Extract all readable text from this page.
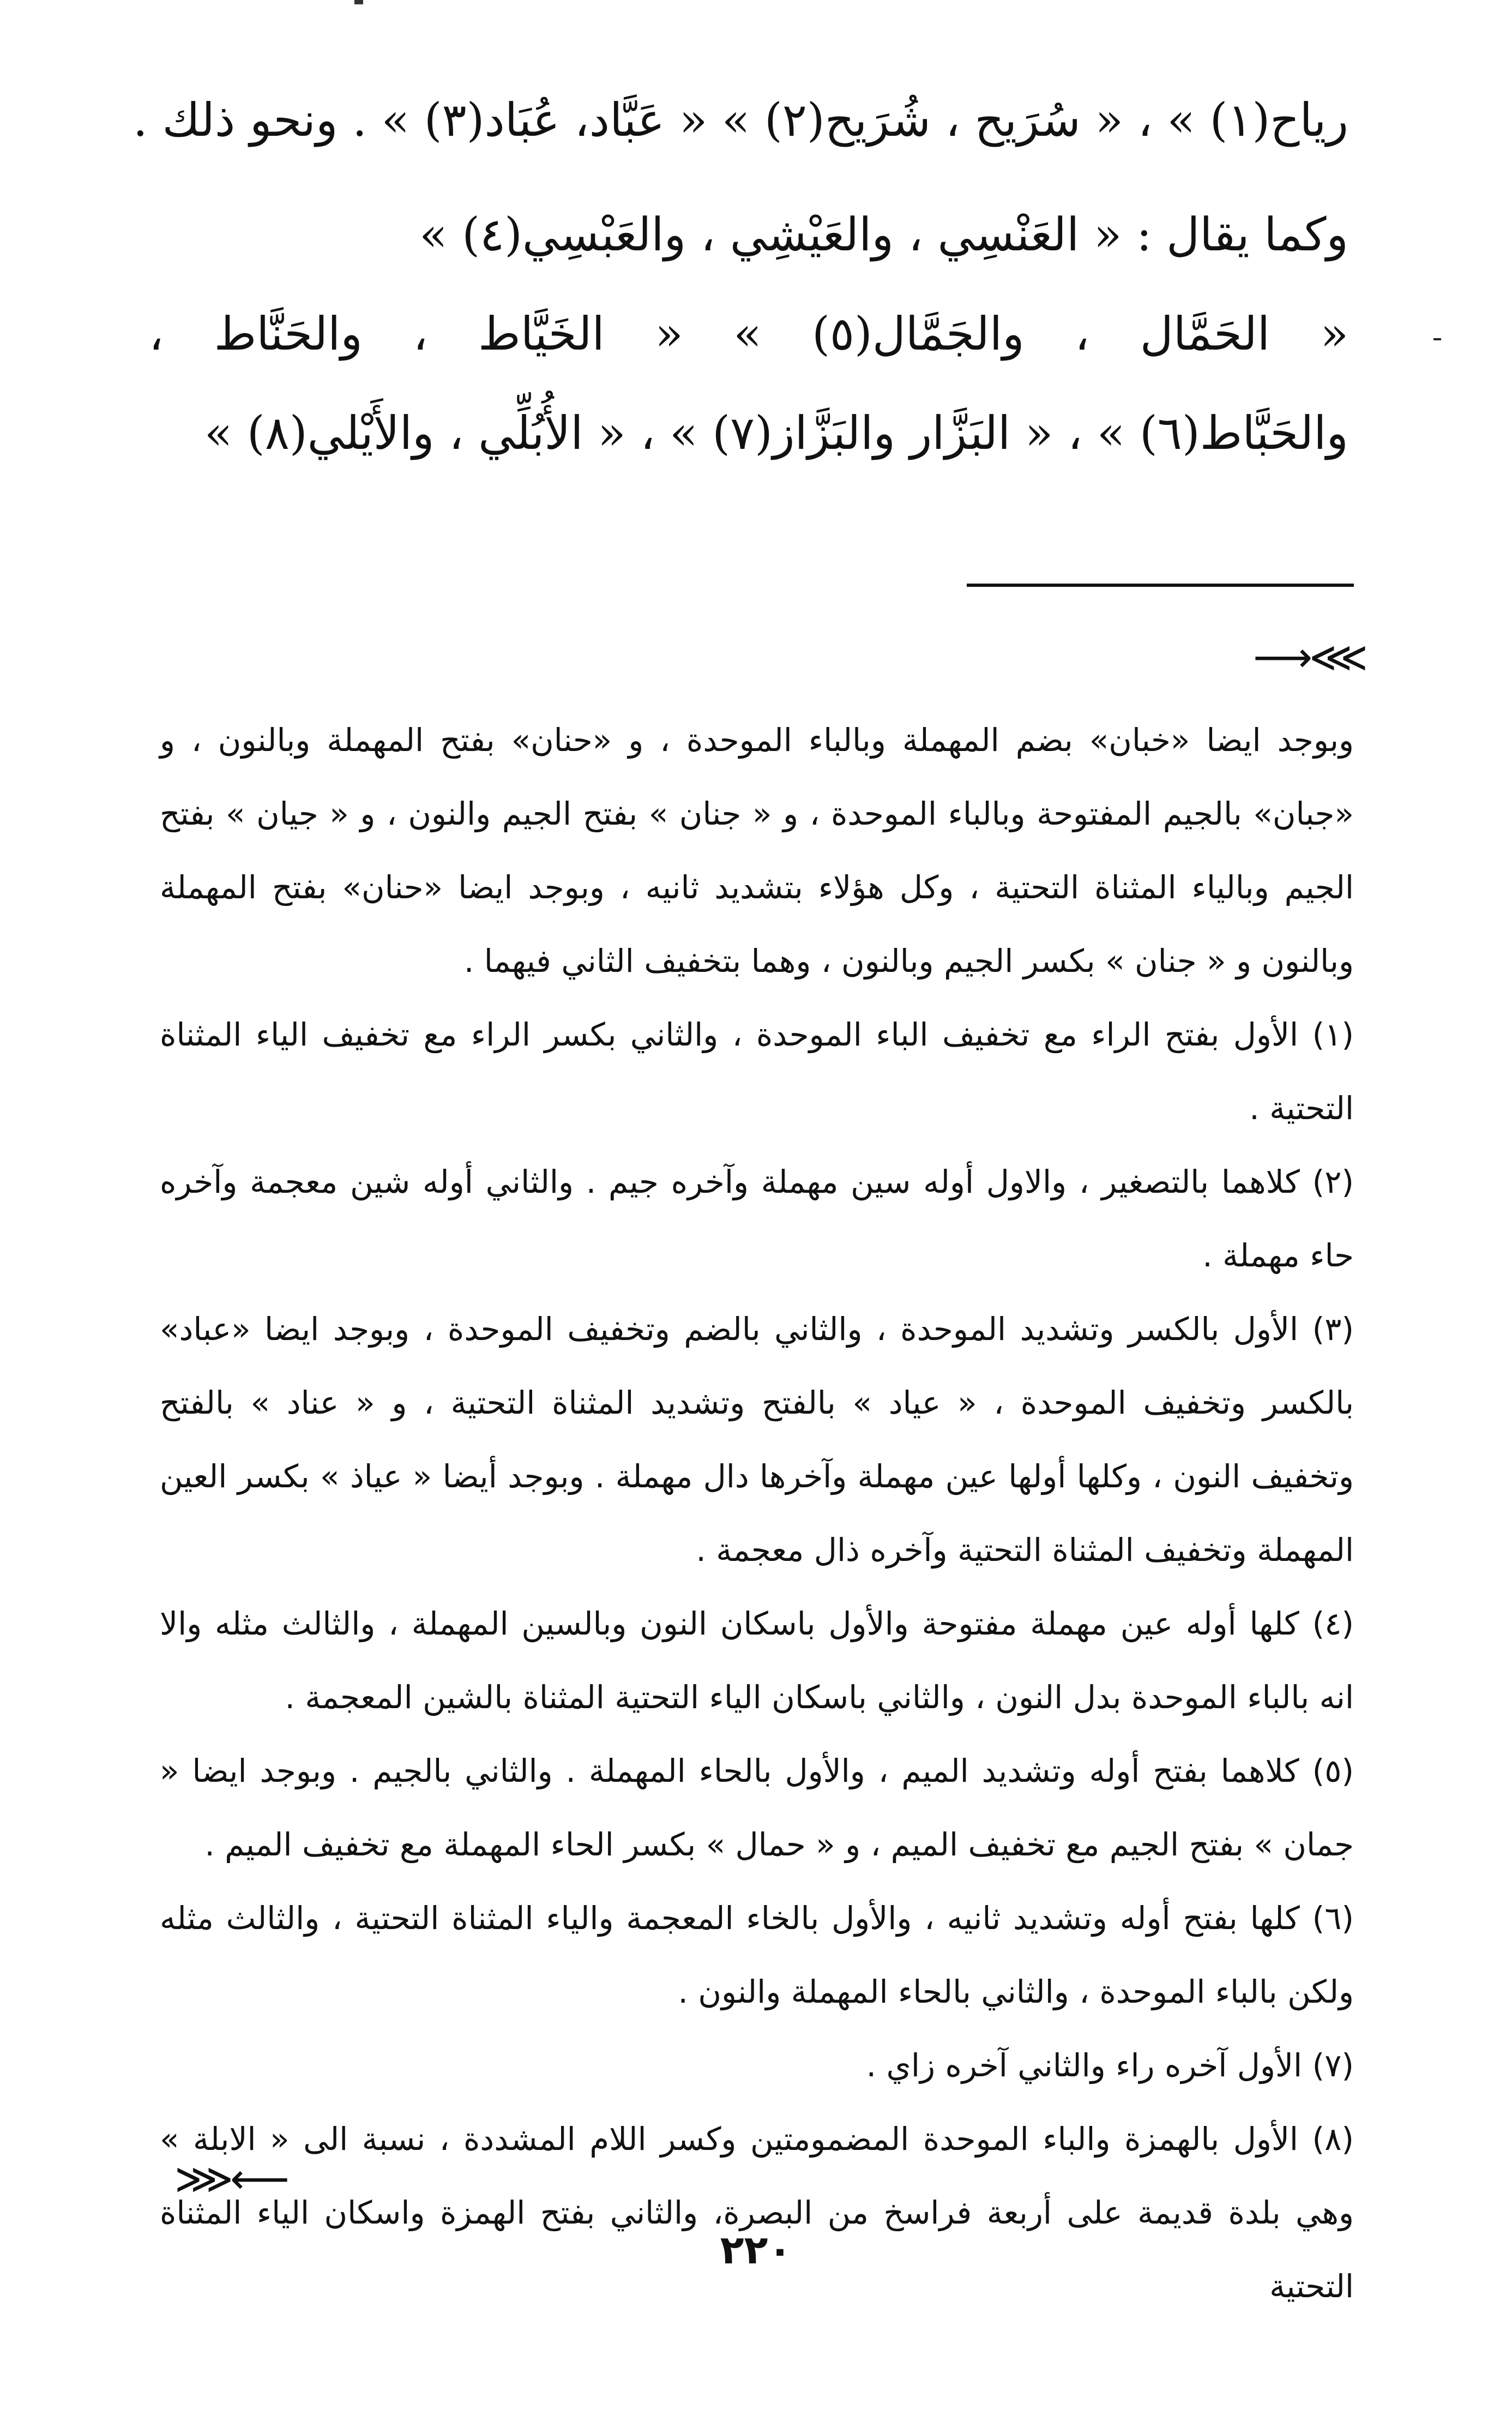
رياح(١) » ، « سُرَيح ، شُرَيح(٢) » « عَبَّاد، عُبَاد(٣) » . ونحو ذلك .
وكما يقال : « العَنْسِي ، والعَيْشِي ، والعَبْسِي(٤) »
« الحَمَّال ، والجَمَّال(٥) » « الخَيَّاط ، والحَنَّاط ،
والحَبَّاط(٦) » ، « البَزَّار والبَزَّاز(٧) » ، « الأُبُلِّي ، والأَيْلي(٨) »
⋙⟶

وبوجد ايضا «خبان» بضم المهملة وبالباء الموحدة ، و «حنان» بفتح المهملة وبالنون ، و «جبان» بالجيم المفتوحة وبالباء الموحدة ، و « جنان » بفتح الجيم والنون ، و « جيان » بفتح الجيم وبالياء المثناة التحتية ، وكل هؤلاء بتشديد ثانيه ، وبوجد ايضا «حنان» بفتح المهملة وبالنون و « جنان » بكسر الجيم وبالنون ، وهما بتخفيف الثاني فيهما .

(١) الأول بفتح الراء مع تخفيف الباء الموحدة ، والثاني بكسر الراء مع تخفيف الياء المثناة التحتية .

(٢) كلاهما بالتصغير ، والاول أوله سين مهملة وآخره جيم . والثاني أوله شين معجمة وآخره حاء مهملة .

(٣) الأول بالكسر وتشديد الموحدة ، والثاني بالضم وتخفيف الموحدة ، وبوجد ايضا «عباد» بالكسر وتخفيف الموحدة ، « عياد » بالفتح وتشديد المثناة التحتية ، و « عناد » بالفتح وتخفيف النون ، وكلها أولها عين مهملة وآخرها دال مهملة . وبوجد أيضا « عياذ » بكسر العين المهملة وتخفيف المثناة التحتية وآخره ذال معجمة .

(٤) كلها أوله عين مهملة مفتوحة والأول باسكان النون وبالسين المهملة ، والثالث مثله والا انه بالباء الموحدة بدل النون ، والثاني باسكان الياء التحتية المثناة بالشين المعجمة .

(٥) كلاهما بفتح أوله وتشديد الميم ، والأول بالحاء المهملة . والثاني بالجيم . وبوجد ايضا « جمان » بفتح الجيم مع تخفيف الميم ، و « حمال » بكسر الحاء المهملة مع تخفيف الميم .

(٦) كلها بفتح أوله وتشديد ثانيه ، والأول بالخاء المعجمة والياء المثناة التحتية ، والثالث مثله ولكن بالباء الموحدة ، والثاني بالحاء المهملة والنون .

(٧) الأول آخره راء والثاني آخره زاي .

(٨) الأول بالهمزة والباء الموحدة المضمومتين وكسر اللام المشددة ، نسبة الى « الابلة » وهي بلدة قديمة على أربعة فراسخ من البصرة، والثاني بفتح الهمزة واسكان الياء المثناة التحتية

⟵⋘
٢٢٠
